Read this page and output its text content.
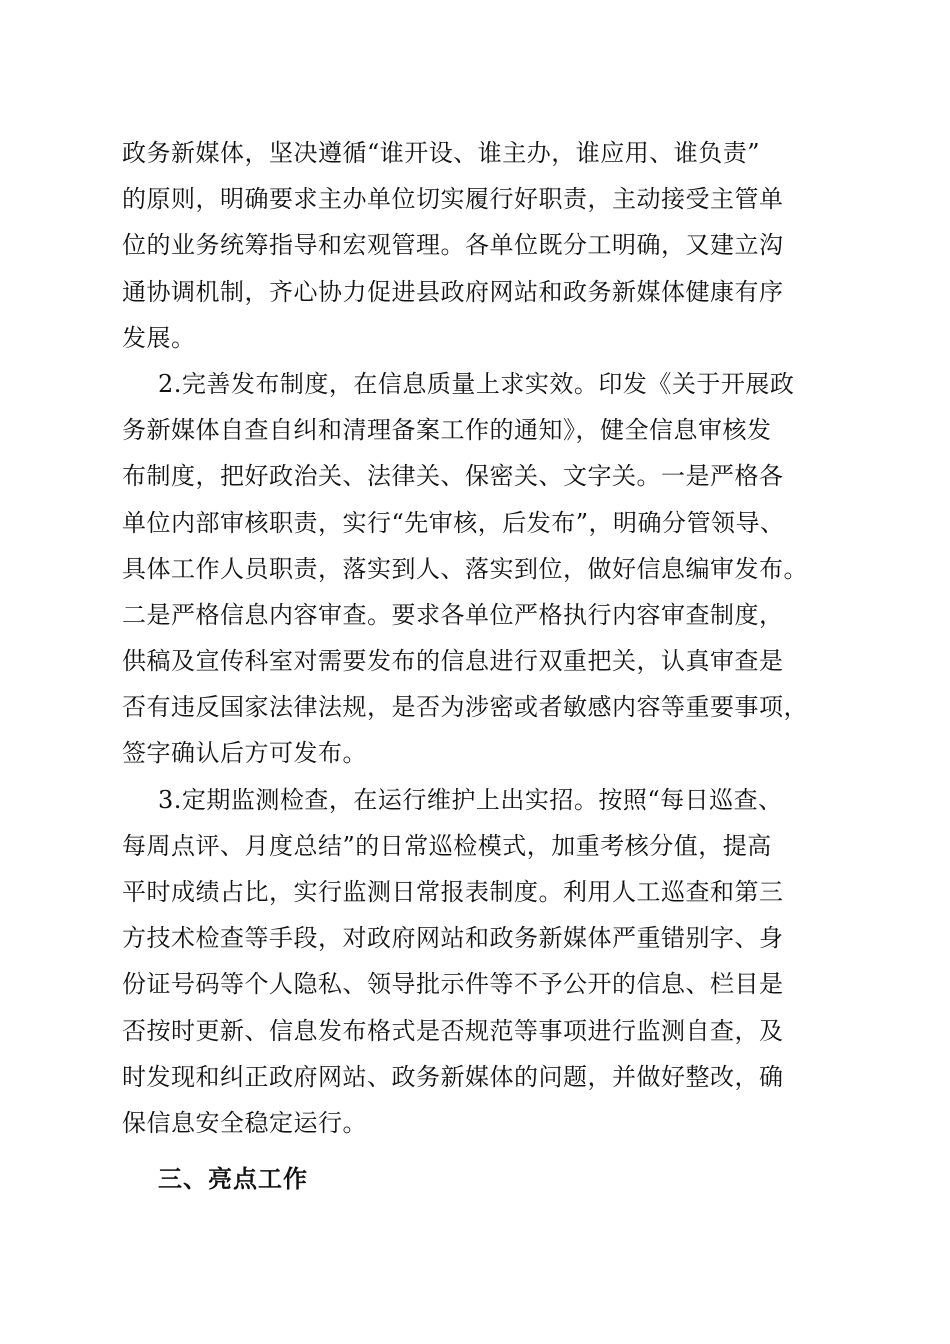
政务新媒体，坚决遵循“谁开设、谁主办，谁应用、谁负责”
的原则，明确要求主办单位切实履行好职责，主动接受主管单
位的业务统筹指导和宏观管理。各单位既分工明确，又建立沟
通协调机制，齐心协力促进县政府网站和政务新媒体健康有序
发展。
2.完善发布制度，在信息质量上求实效。印发《关于开展政
务新媒体自查自纠和清理备案工作的通知》，健全信息审核发
布制度，把好政治关、法律关、保密关、文字关。一是严格各
单位内部审核职责，实行“先审核，后发布”，明确分管领导、
具体工作人员职责，落实到人、落实到位，做好信息编审发布。
二是严格信息内容审查。要求各单位严格执行内容审查制度，
供稿及宣传科室对需要发布的信息进行双重把关，认真审查是
否有违反国家法律法规，是否为涉密或者敏感内容等重要事项，
签字确认后方可发布。
3.定期监测检查，在运行维护上出实招。按照“每日巡查、
每周点评、月度总结”的日常巡检模式，加重考核分值，提高
平时成绩占比，实行监测日常报表制度。利用人工巡查和第三
方技术检查等手段，对政府网站和政务新媒体严重错别字、身
份证号码等个人隐私、领导批示件等不予公开的信息、栏目是
否按时更新、信息发布格式是否规范等事项进行监测自查，及
时发现和纠正政府网站、政务新媒体的问题，并做好整改，确
保信息安全稳定运行。
三、亮点工作
